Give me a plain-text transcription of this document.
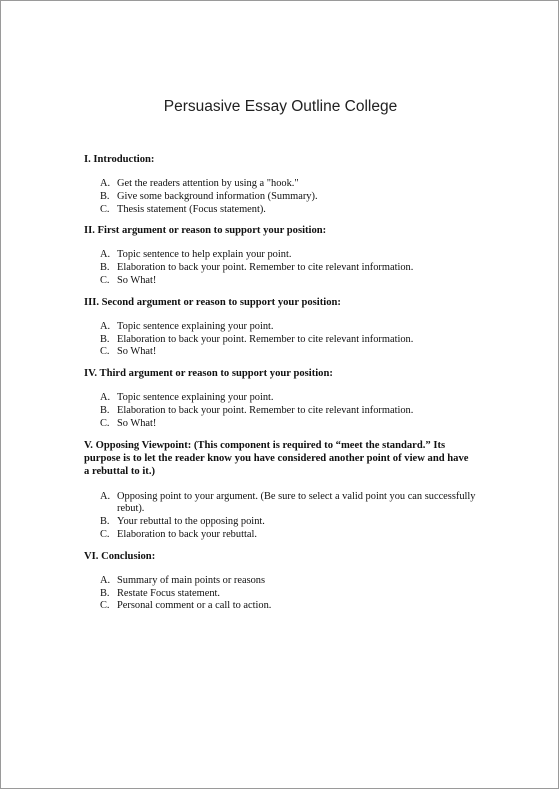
Persuasive Essay Outline College

I. Introduction:

A. Get the readers attention by using a "hook."
B. Give some background information (Summary).
C. Thesis statement (Focus statement).

II. First argument or reason to support your position:

A. Topic sentence to help explain your point.
B. Elaboration to back your point. Remember to cite relevant information.
C. So What!

III. Second argument or reason to support your position:

A. Topic sentence explaining your point.
B. Elaboration to back your point. Remember to cite relevant information.
C. So What!

IV. Third argument or reason to support your position:

A. Topic sentence explaining your point.
B. Elaboration to back your point. Remember to cite relevant information.
C. So What!

V. Opposing Viewpoint: (This component is required to “meet the standard.” Its purpose is to let the reader know you have considered another point of view and have a rebuttal to it.)

A. Opposing point to your argument. (Be sure to select a valid point you can successfully rebut).
B. Your rebuttal to the opposing point.
C. Elaboration to back your rebuttal.

VI. Conclusion:

A. Summary of main points or reasons
B. Restate Focus statement.
C. Personal comment or a call to action.
